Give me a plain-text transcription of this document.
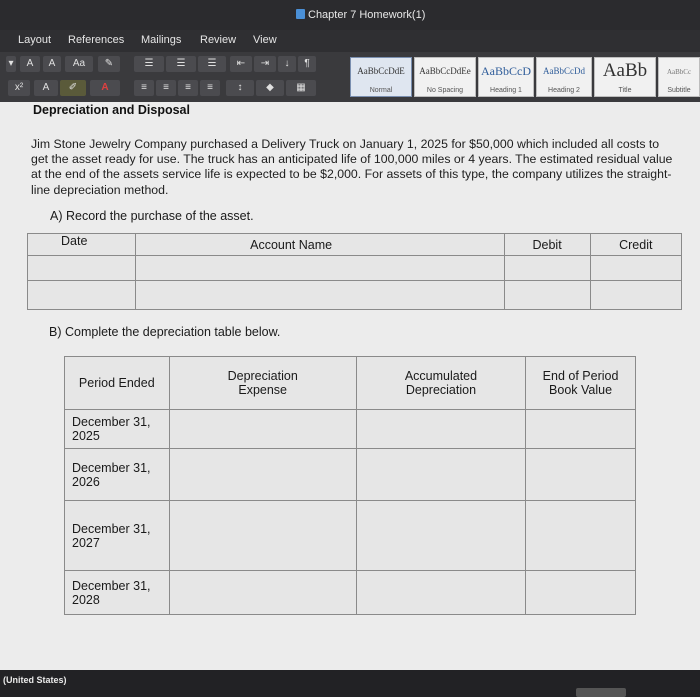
Chapter 7 Homework(1)
Layout References Mailings Review View
▾	A	A	Aa	✎	☰	☰	☰	⇤	⇥	↓	¶
x²	A	✐	A	≡	≡	≡	≡	↕	◆	▦
AaBbCcDdE
Normal
AaBbCcDdEe
No Spacing
AaBbCcD
Heading 1
AaBbCcDd
Heading 2
AaBb
Title
AaBbCc
Subtitle
Depreciation and Disposal
Jim Stone Jewelry Company purchased a Delivery Truck on January 1, 2025 for $50,000 which included all costs to get the asset ready for use. The truck has an anticipated life of 100,000 miles or 4 years. The estimated residual value at the end of the assets service life is expected to be $2,000. For assets of this type, the company utilizes the straight-line depreciation method.
A) Record the purchase of the asset.
Date	Account Name	Debit	Credit

B) Complete the depreciation table below.
Period Ended	Depreciation Expense	Accumulated Depreciation	End of Period Book Value
December 31, 2025			
December 31, 2026			
December 31, 2027			
December 31, 2028			
(United States)
